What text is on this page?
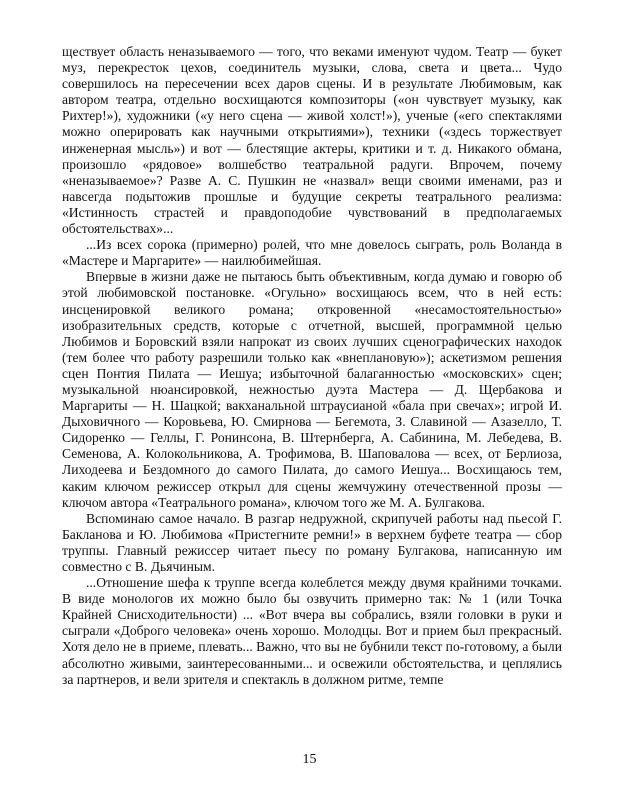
ществует область неназываемого — того, что веками именуют чудом. Театр — букет муз, перекресток цехов, соединитель музыки, слова, света и цвета... Чудо совершилось на пересечении всех даров сцены. И в результате Любимовым, как автором театра, отдельно восхищаются композиторы («он чувствует музыку, как Рихтер!»), художники («у него сцена — живой холст!»), ученые («его спектаклями можно оперировать как научными открытиями»), техники («здесь торжествует инженерная мысль») и вот — блестящие актеры, критики и т. д. Никакого обмана, произошло «рядовое» волшебство театральной радуги. Впрочем, почему «неназываемое»? Разве А. С. Пушкин не «назвал» вещи своими именами, раз и навсегда подытожив прошлые и будущие секреты театрального реализма: «Истинность страстей и правдоподобие чувствований в предполагаемых обстоятельствах»...

...Из всех сорока (примерно) ролей, что мне довелось сыграть, роль Воланда в «Мастере и Маргарите» — наилюбимейшая.

Впервые в жизни даже не пытаюсь быть объективным, когда думаю и говорю об этой любимовской постановке. «Огульно» восхищаюсь всем, что в ней есть: инсценировкой великого романа; откровенной «несамостоятельностью» изобразительных средств, которые с отчетной, высшей, программной целью Любимов и Боровский взяли напрокат из своих лучших сценографических находок (тем более что работу разрешили только как «внеплановую»); аскетизмом решения сцен Понтия Пилата — Иешуа; избыточной балаганностью «московских» сцен; музыкальной нюансировкой, нежностью дуэта Мастера — Д. Щербакова и Маргариты — Н. Шацкой; вакханальной штраусианой «бала при свечах»; игрой И. Дыховичного — Коровьева, Ю. Смирнова — Бегемота, З. Славиной — Азазелло, Т. Сидоренко — Геллы, Г. Ронинсона, В. Штернберга, А. Сабинина, М. Лебедева, В. Семенова, А. Колокольникова, А. Трофимова, В. Шаповалова — всех, от Берлиоза, Лиходеева и Бездомного до самого Пилата, до самого Иешуа... Восхищаюсь тем, каким ключом режиссер открыл для сцены жемчужину отечественной прозы — ключом автора «Театрального романа», ключом того же М. А. Булгакова.

Вспоминаю самое начало. В разгар недружной, скрипучей работы над пьесой Г. Бакланова и Ю. Любимова «Пристегните ремни!» в верхнем буфете театра — сбор труппы. Главный режиссер читает пьесу по роману Булгакова, написанную им совместно с В. Дьячиным.

...Отношение шефа к труппе всегда колеблется между двумя крайними точками. В виде монологов их можно было бы озвучить примерно так: № 1 (или Точка Крайней Снисходительности) ... «Вот вчера вы собрались, взяли головки в руки и сыграли «Доброго человека» очень хорошо. Молодцы. Вот и прием был прекрасный. Хотя дело не в приеме, плевать... Важно, что вы не бубнили текст по-готовому, а были абсолютно живыми, заинтересованными... и освежили обстоятельства, и цеплялись за партнеров, и вели зрителя и спектакль в должном ритме, темпе

15
